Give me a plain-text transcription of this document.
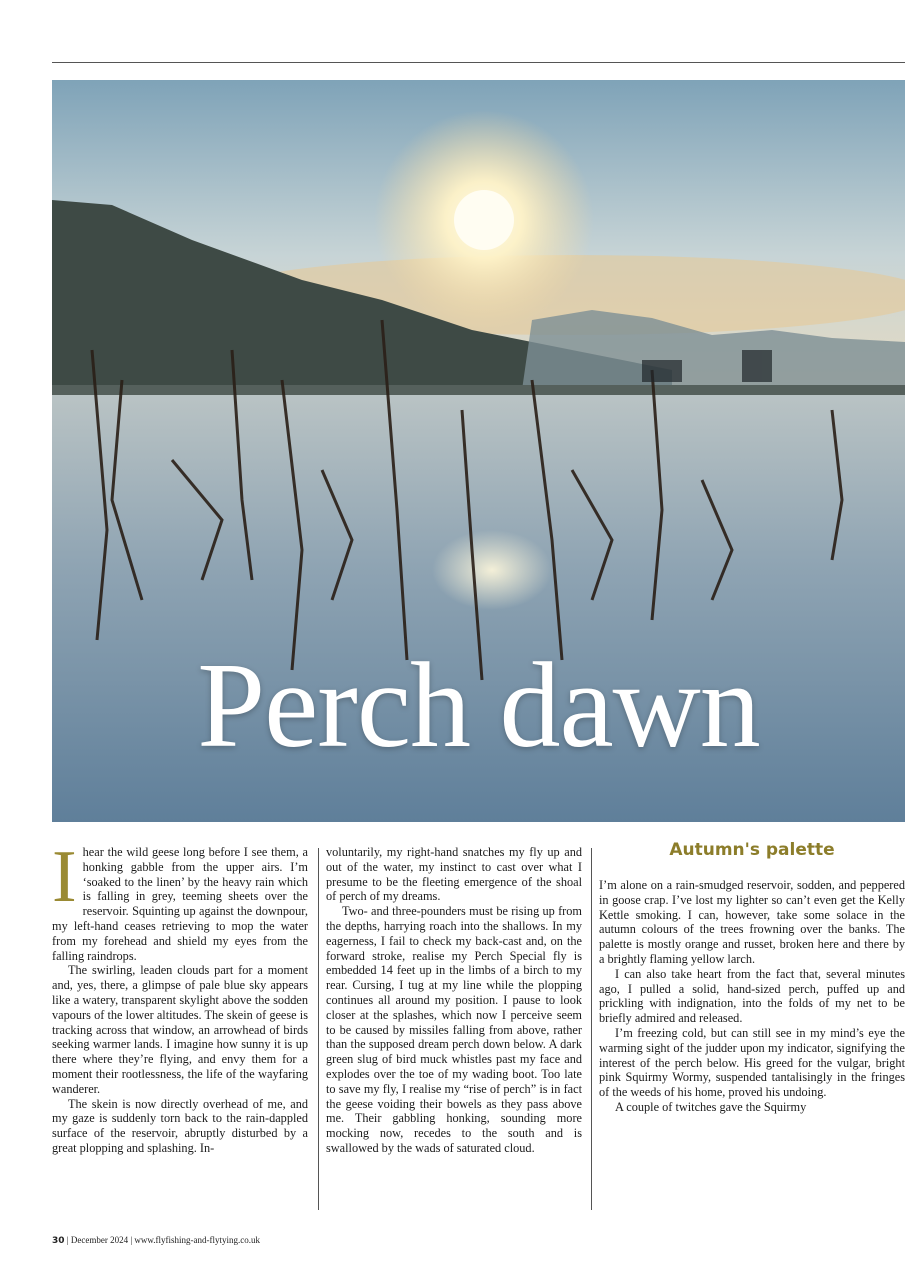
Perch dawn

I hear the wild geese long before I see them, a honking gabble from the upper airs. I’m ‘soaked to the linen’ by the heavy rain which is falling in grey, teeming sheets over the reservoir. Squinting up against the downpour, my left-hand ceases retrieving to mop the water from my forehead and shield my eyes from the falling raindrops.

The swirling, leaden clouds part for a moment and, yes, there, a glimpse of pale blue sky appears like a watery, transparent skylight above the sodden vapours of the lower altitudes. The skein of geese is tracking across that window, an arrowhead of birds seeking warmer lands. I imagine how sunny it is up there where they’re flying, and envy them for a moment their rootlessness, the life of the wayfaring wanderer.

The skein is now directly overhead of me, and my gaze is suddenly torn back to the rain-dappled surface of the reservoir, abruptly disturbed by a great plopping and splashing. In-

voluntarily, my right-hand snatches my fly up and out of the water, my instinct to cast over what I presume to be the fleeting emergence of the shoal of perch of my dreams.

Two- and three-pounders must be rising up from the depths, harrying roach into the shallows. In my eagerness, I fail to check my back-cast and, on the forward stroke, realise my Perch Special fly is embedded 14 feet up in the limbs of a birch to my rear. Cursing, I tug at my line while the plopping continues all around my position. I pause to look closer at the splashes, which now I perceive seem to be caused by missiles falling from above, rather than the supposed dream perch down below. A dark green slug of bird muck whistles past my face and explodes over the toe of my wading boot. Too late to save my fly, I realise my “rise of perch” is in fact the geese voiding their bowels as they pass above me. Their gabbling honking, sounding more mocking now, recedes to the south and is swallowed by the wads of saturated cloud.

Autumn's palette

I’m alone on a rain-smudged reservoir, sodden, and peppered in goose crap. I’ve lost my lighter so can’t even get the Kelly Kettle smoking. I can, however, take some solace in the autumn colours of the trees frowning over the banks. The palette is mostly orange and russet, broken here and there by a brightly flaming yellow larch.

I can also take heart from the fact that, several minutes ago, I pulled a solid, hand-sized perch, puffed up and prickling with indignation, into the folds of my net to be briefly admired and released.

I’m freezing cold, but can still see in my mind’s eye the warming sight of the judder upon my indicator, signifying the interest of the perch below. His greed for the vulgar, bright pink Squirmy Wormy, suspended tantalisingly in the fringes of the weeds of his home, proved his undoing.

A couple of twitches gave the Squirmy

30 | December 2024 | www.flyfishing-and-flytying.co.uk
